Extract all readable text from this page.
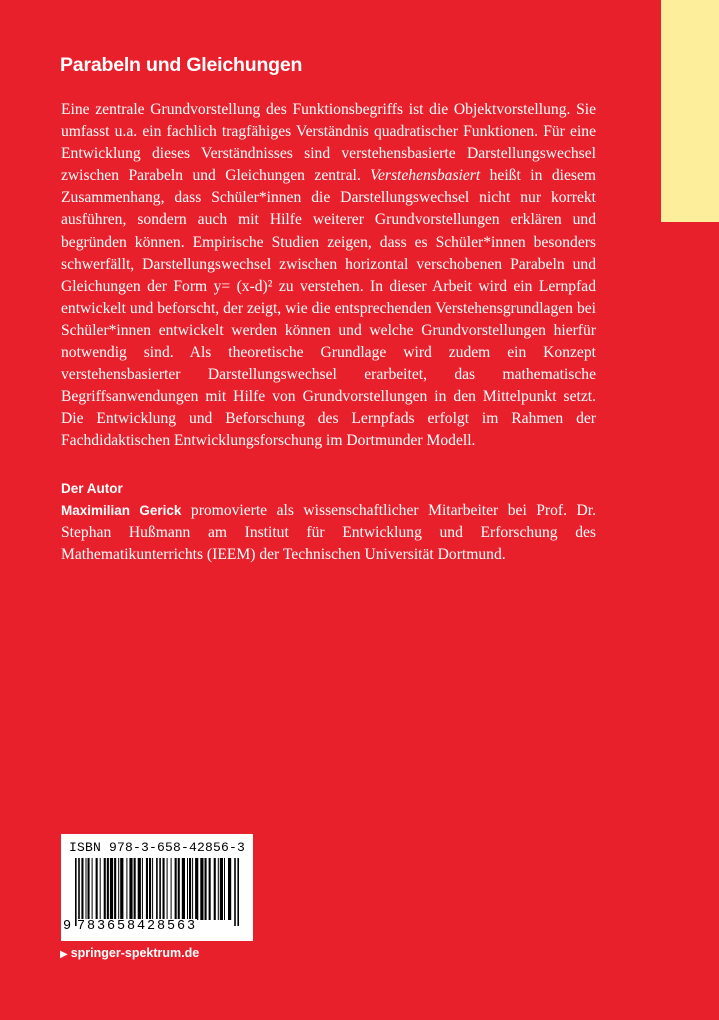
Parabeln und Gleichungen

Eine zentrale Grundvorstellung des Funktionsbegriffs ist die Objektvorstellung. Sie umfasst u.a. ein fachlich tragfähiges Verständnis quadratischer Funktionen. Für eine Entwicklung dieses Verständnisses sind verstehensbasierte Darstellungswechsel zwischen Parabeln und Gleichungen zentral. Verstehensbasiert heißt in diesem Zusammenhang, dass Schüler*innen die Darstellungswechsel nicht nur korrekt ausführen, sondern auch mit Hilfe weiterer Grundvorstellungen erklären und begründen können. Empirische Studien zeigen, dass es Schüler*innen besonders schwerfällt, Darstellungswechsel zwischen horizontal verschobenen Parabeln und Gleichungen der Form y= (x-d)² zu verstehen. In dieser Arbeit wird ein Lernpfad entwickelt und beforscht, der zeigt, wie die entsprechenden Verstehensgrundlagen bei Schüler*innen entwickelt werden können und welche Grundvorstellungen hierfür notwendig sind. Als theoretische Grundlage wird zudem ein Konzept verstehensbasierter Darstellungswechsel erarbeitet, das mathematische Begriffsanwendungen mit Hilfe von Grundvorstellungen in den Mittelpunkt setzt. Die Entwicklung und Beforschung des Lernpfads erfolgt im Rahmen der Fachdidaktischen Entwicklungsforschung im Dortmunder Modell.

Der Autor
Maximilian Gerick promovierte als wissenschaftlicher Mitarbeiter bei Prof. Dr. Stephan Hußmann am Institut für Entwicklung und Erforschung des Mathematikunterrichts (IEEM) der Technischen Universität Dortmund.
ISBN 978-3-658-42856-3
9 783658428563
▶ springer-spektrum.de
